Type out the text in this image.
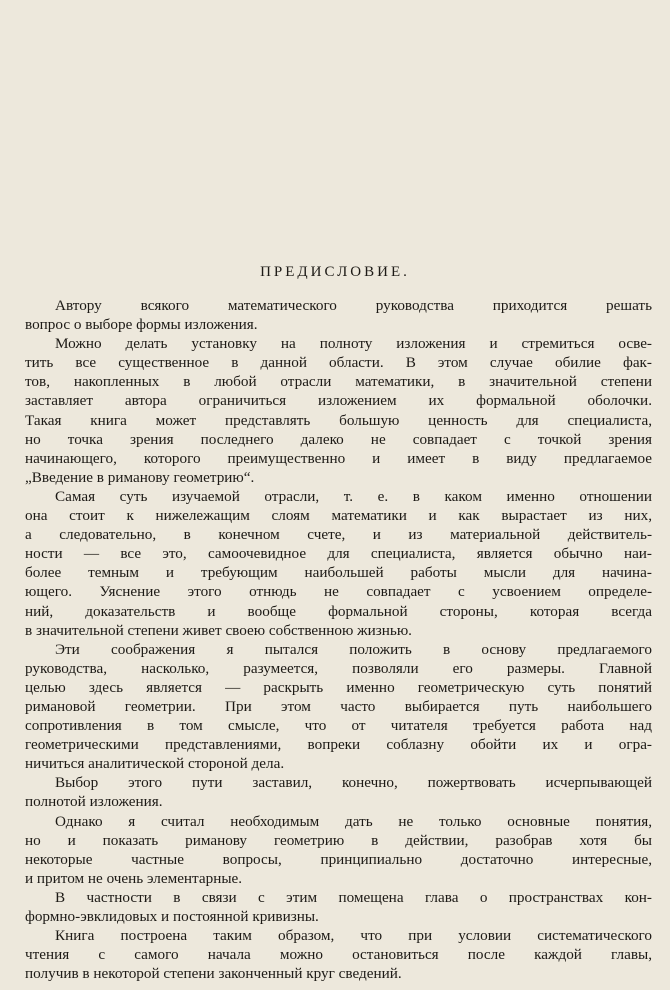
ПРЕДИСЛОВИЕ.
Автору всякого математического руководства приходится решать
вопрос о выборе формы изложения.
Можно делать установку на полноту изложения и стремиться осве-
тить все существенное в данной области. В этом случае обилие фак-
тов, накопленных в любой отрасли математики, в значительной степени
заставляет автора ограничиться изложением их формальной оболочки.
Такая книга может представлять большую ценность для специалиста,
но точка зрения последнего далеко не совпадает с точкой зрения
начинающего, которого преимущественно и имеет в виду предлагаемое
„Введение в риманову геометрию“.
Самая суть изучаемой отрасли, т. е. в каком именно отношении
она стоит к нижележащим слоям математики и как вырастает из них,
а следовательно, в конечном счете, и из материальной действитель-
ности — все это, самоочевидное для специалиста, является обычно наи-
более темным и требующим наибольшей работы мысли для начина-
ющего. Уяснение этого отнюдь не совпадает с усвоением определе-
ний, доказательств и вообще формальной стороны, которая всегда
в значительной степени живет своею собственною жизнью.
Эти соображения я пытался положить в основу предлагаемого
руководства, насколько, разумеется, позволяли его размеры. Главной
целью здесь является — раскрыть именно геометрическую суть понятий
римановой геометрии. При этом часто выбирается путь наибольшего
сопротивления в том смысле, что от читателя требуется работа над
геометрическими представлениями, вопреки соблазну обойти их и огра-
ничиться аналитической стороной дела.
Выбор этого пути заставил, конечно, пожертвовать исчерпывающей
полнотой изложения.
Однако я считал необходимым дать не только основные понятия,
но и показать риманову геометрию в действии, разобрав хотя бы
некоторые частные вопросы, принципиально достаточно интересные,
и притом не очень элементарные.
В частности в связи с этим помещена глава о пространствах кон-
формно-эвклидовых и постоянной кривизны.
Книга построена таким образом, что при условии систематического
чтения с самого начала можно остановиться после каждой главы,
получив в некоторой степени законченный круг сведений.
